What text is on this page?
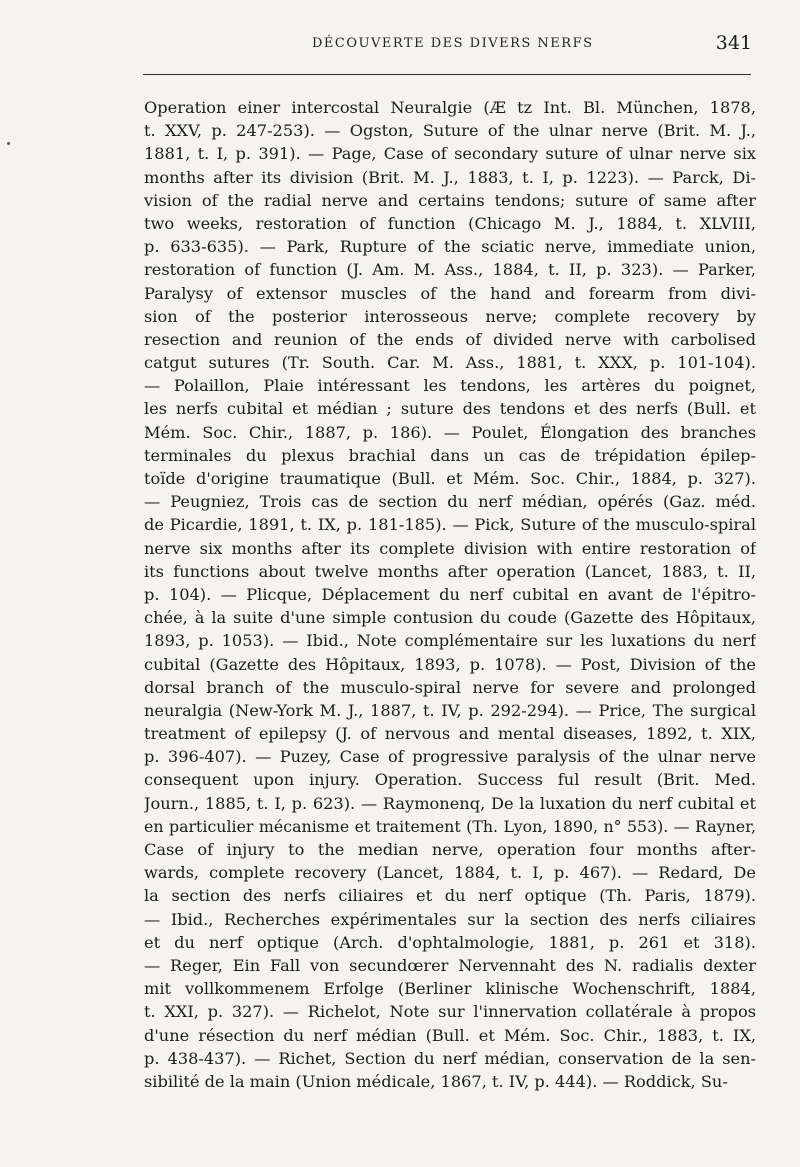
DÉCOUVERTE DES DIVERS NERFS	341
Operation einer intercostal Neuralgie (Æ tz Int. Bl. München, 1878,
t. XXV, p. 247-253). — Ogston, Suture of the ulnar nerve (Brit. M. J.,
1881, t. I, p. 391). — Page, Case of secondary suture of ulnar nerve six
months after its division (Brit. M. J., 1883, t. I, p. 1223). — Parck, Di-
vision of the radial nerve and certains tendons; suture of same after
two weeks, restoration of function (Chicago M. J., 1884, t. XLVIII,
p. 633-635). — Park, Rupture of the sciatic nerve, immediate union,
restoration of function (J. Am. M. Ass., 1884, t. II, p. 323). — Parker,
Paralysy of extensor muscles of the hand and forearm from divi-
sion of the posterior interosseous nerve; complete recovery by
resection and reunion of the ends of divided nerve with carbolised
catgut sutures (Tr. South. Car. M. Ass., 1881, t. XXX, p. 101-104).
— Polaillon, Plaie intéressant les tendons, les artères du poignet,
les nerfs cubital et médian ; suture des tendons et des nerfs (Bull. et
Mém. Soc. Chir., 1887, p. 186). — Poulet, Élongation des branches
terminales du plexus brachial dans un cas de trépidation épilep-
toïde d'origine traumatique (Bull. et Mém. Soc. Chir., 1884, p. 327).
— Peugniez, Trois cas de section du nerf médian, opérés (Gaz. méd.
de Picardie, 1891, t. IX, p. 181-185). — Pick, Suture of the musculo-spiral
nerve six months after its complete division with entire restoration of
its functions about twelve months after operation (Lancet, 1883, t. II,
p. 104). — Plicque, Déplacement du nerf cubital en avant de l'épitro-
chée, à la suite d'une simple contusion du coude (Gazette des Hôpitaux,
1893, p. 1053). — Ibid., Note complémentaire sur les luxations du nerf
cubital (Gazette des Hôpitaux, 1893, p. 1078). — Post, Division of the
dorsal branch of the musculo-spiral nerve for severe and prolonged
neuralgia (New-York M. J., 1887, t. IV, p. 292-294). — Price, The surgical
treatment of epilepsy (J. of nervous and mental diseases, 1892, t. XIX,
p. 396-407). — Puzey, Case of progressive paralysis of the ulnar nerve
consequent upon injury. Operation. Success ful result (Brit. Med.
Journ., 1885, t. I, p. 623). — Raymonenq, De la luxation du nerf cubital et
en particulier mécanisme et traitement (Th. Lyon, 1890, n° 553). — Rayner,
Case of injury to the median nerve, operation four months after-
wards, complete recovery (Lancet, 1884, t. I, p. 467). — Redard, De
la section des nerfs ciliaires et du nerf optique (Th. Paris, 1879).
— Ibid., Recherches expérimentales sur la section des nerfs ciliaires
et du nerf optique (Arch. d'ophtalmologie, 1881, p. 261 et 318).
— Reger, Ein Fall von secundœrer Nervennaht des N. radialis dexter
mit vollkommenem Erfolge (Berliner klinische Wochenschrift, 1884,
t. XXI, p. 327). — Richelot, Note sur l'innervation collatérale à propos
d'une résection du nerf médian (Bull. et Mém. Soc. Chir., 1883, t. IX,
p. 438-437). — Richet, Section du nerf médian, conservation de la sen-
sibilité de la main (Union médicale, 1867, t. IV, p. 444). — Roddick, Su-
